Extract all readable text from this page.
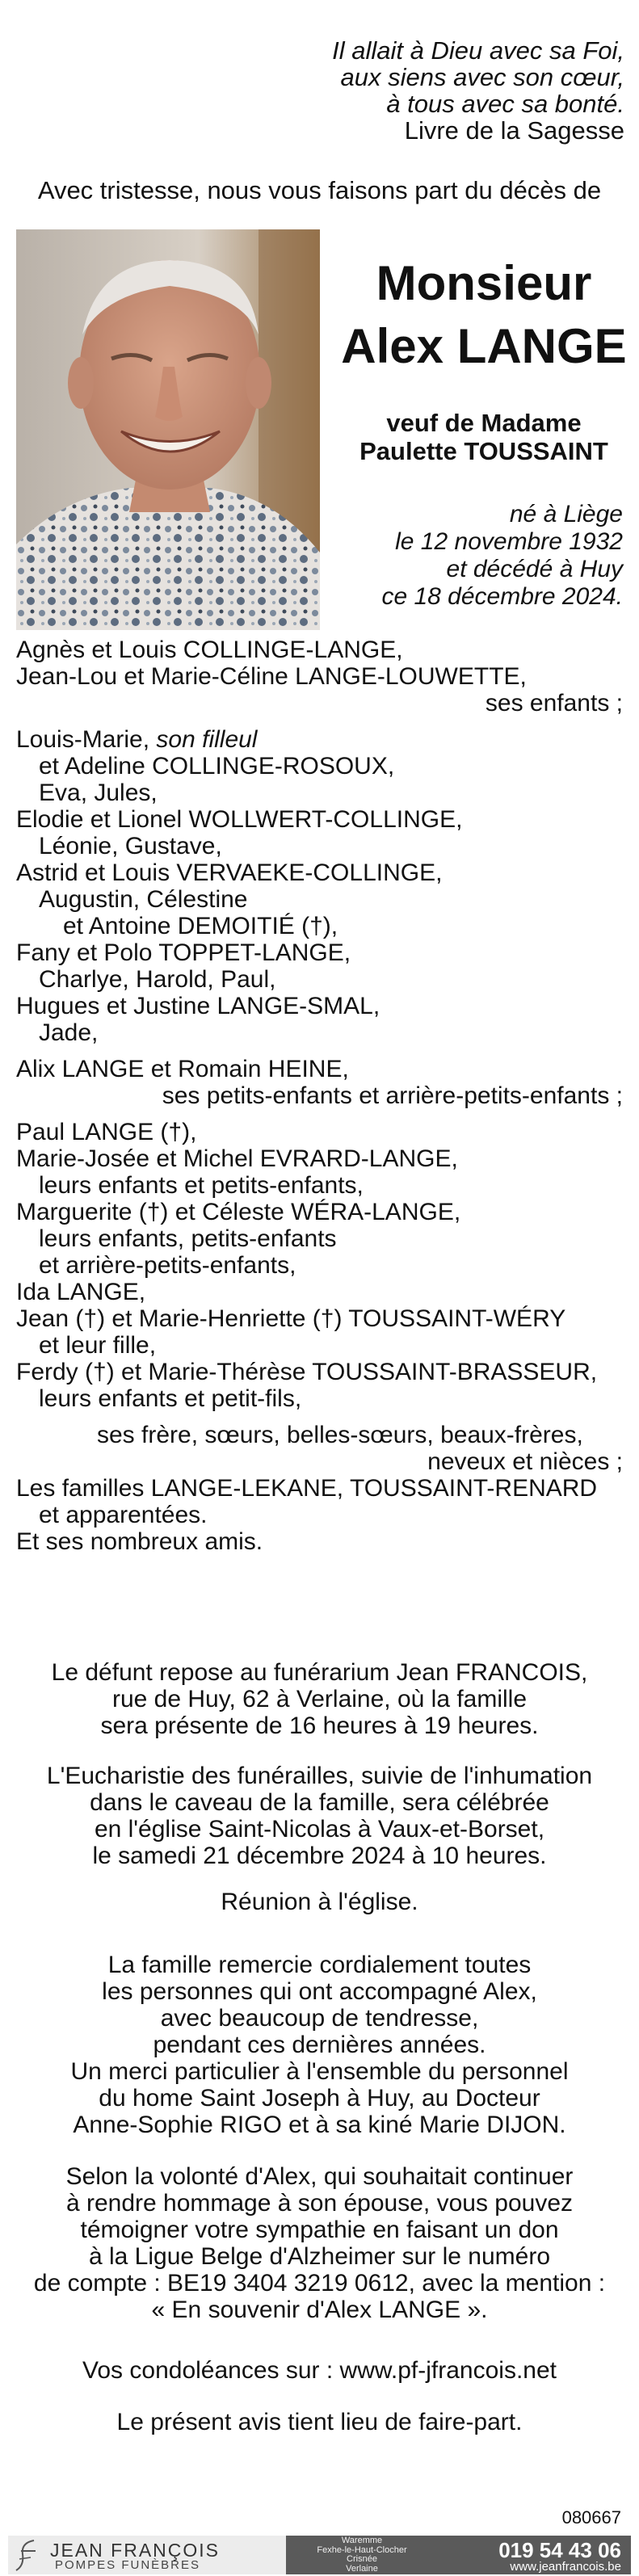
Il allait à Dieu avec sa Foi,
aux siens avec son cœur,
à tous avec sa bonté.
Livre de la Sagesse
Avec tristesse, nous vous faisons part du décès de
Monsieur
Alex LANGE
veuf de Madame
Paulette TOUSSAINT
né à Liège
le 12 novembre 1932
et décédé à Huy
ce 18 décembre 2024.
Agnès et Louis COLLINGE-LANGE,
Jean-Lou et Marie-Céline LANGE-LOUWETTE,
ses enfants ;
Louis-Marie, son filleul
et Adeline COLLINGE-ROSOUX,
Eva, Jules,
Elodie et Lionel WOLLWERT-COLLINGE,
Léonie, Gustave,
Astrid et Louis VERVAEKE-COLLINGE,
Augustin, Célestine
et Antoine DEMOITIÉ (†),
Fany et Polo TOPPET-LANGE,
Charlye, Harold, Paul,
Hugues et Justine LANGE-SMAL,
Jade,
Alix LANGE et Romain HEINE,
ses petits-enfants et arrière-petits-enfants ;
Paul LANGE (†),
Marie-Josée et Michel EVRARD-LANGE,
leurs enfants et petits-enfants,
Marguerite (†) et Céleste WÉRA-LANGE,
leurs enfants, petits-enfants
et arrière-petits-enfants,
Ida LANGE,
Jean (†) et Marie-Henriette (†) TOUSSAINT-WÉRY
et leur fille,
Ferdy (†) et Marie-Thérèse TOUSSAINT-BRASSEUR,
leurs enfants et petit-fils,
ses frère, sœurs, belles-sœurs, beaux-frères,
neveux et nièces ;
Les familles LANGE-LEKANE, TOUSSAINT-RENARD
et apparentées.
Et ses nombreux amis.
Le défunt repose au funérarium Jean FRANCOIS,
rue de Huy, 62 à Verlaine, où la famille
sera présente de 16 heures à 19 heures.
L'Eucharistie des funérailles, suivie de l'inhumation
dans le caveau de la famille, sera célébrée
en l'église Saint-Nicolas à Vaux-et-Borset,
le samedi 21 décembre 2024 à 10 heures.
Réunion à l'église.
La famille remercie cordialement toutes
les personnes qui ont accompagné Alex,
avec beaucoup de tendresse,
pendant ces dernières années.
Un merci particulier à l'ensemble du personnel
du home Saint Joseph à Huy, au Docteur
Anne-Sophie RIGO et à sa kiné Marie DIJON.
Selon la volonté d'Alex, qui souhaitait continuer
à rendre hommage à son épouse, vous pouvez
témoigner votre sympathie en faisant un don
à la Ligue Belge d'Alzheimer sur le numéro
de compte : BE19 3404 3219 0612, avec la mention :
« En souvenir d'Alex LANGE ».
Vos condoléances sur : www.pf-jfrancois.net
Le présent avis tient lieu de faire-part.
080667
JEAN FRANÇOIS
POMPES FUNÈBRES
Waremme
Fexhe-le-Haut-Clocher
Crisnée
Verlaine
019 54 43 06
www.jeanfrancois.be
